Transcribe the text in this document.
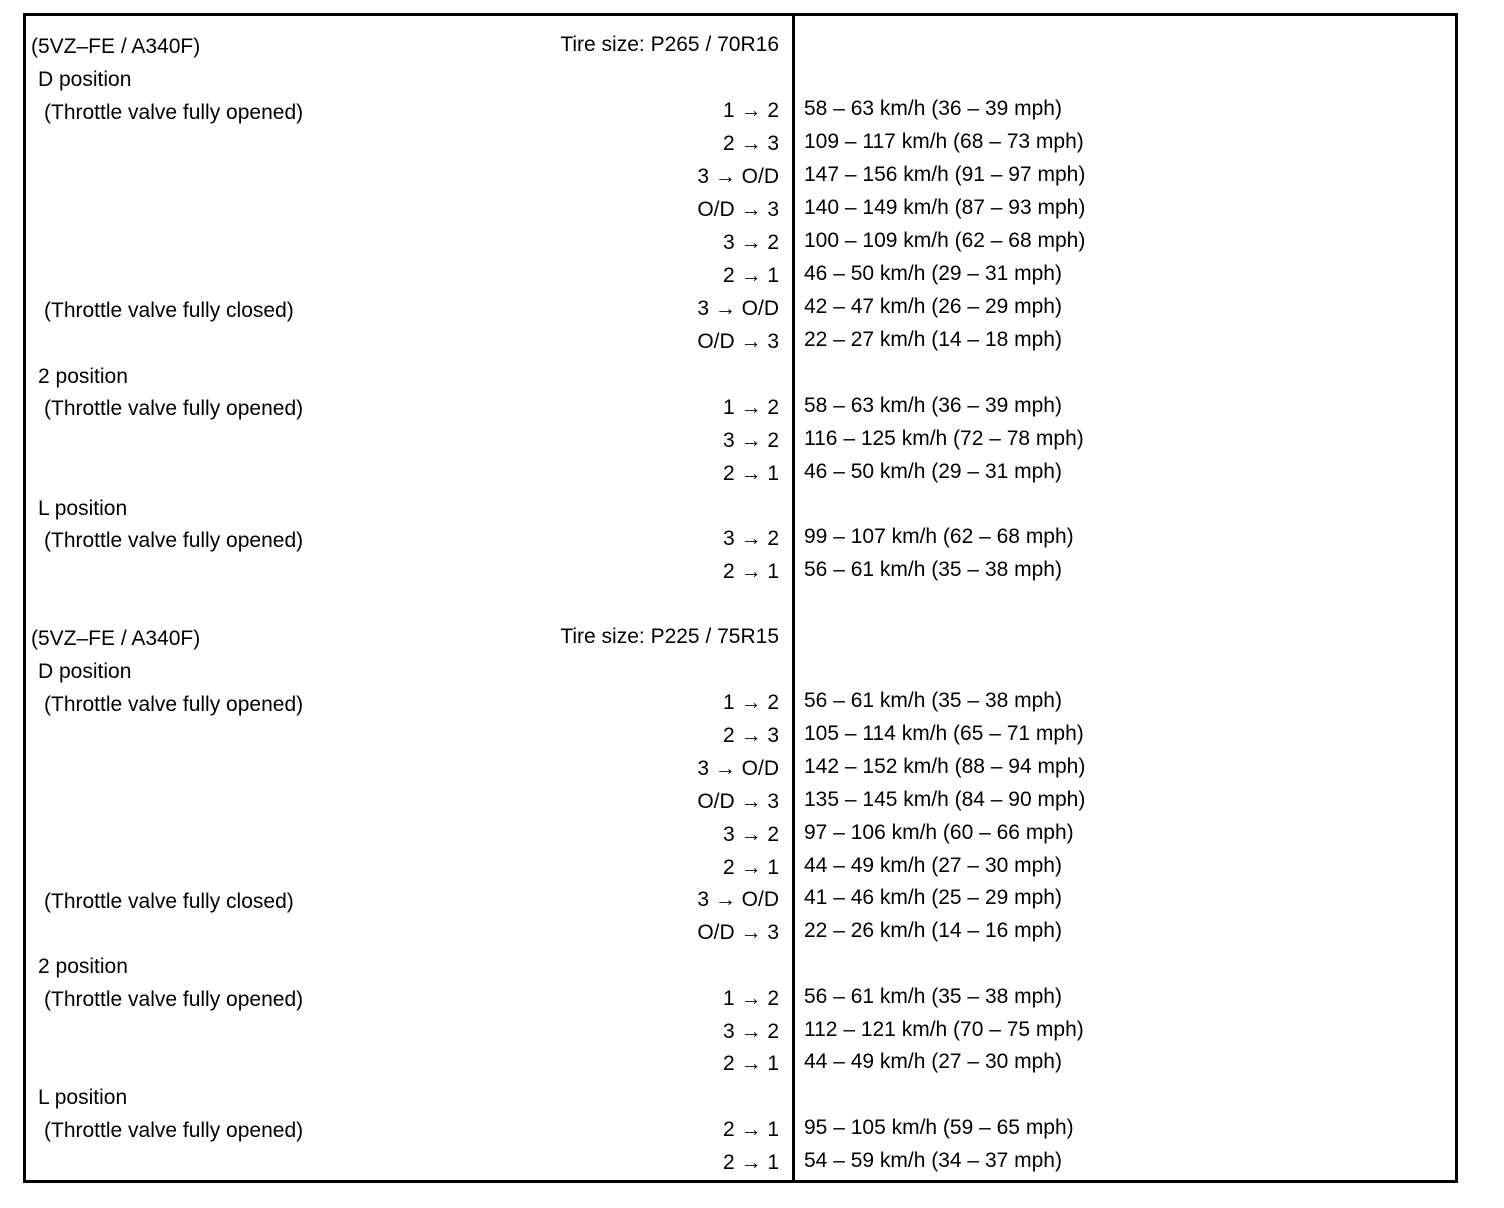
(5VZ–FE / A340F)	Tire size: P265 / 70R16
D position
(Throttle valve fully opened)	1 → 2 58 – 63 km/h (36 – 39 mph)
2 → 3 109 – 117 km/h (68 – 73 mph)
3 → O/D 147 – 156 km/h (91 – 97 mph)
O/D → 3 140 – 149 km/h (87 – 93 mph)
3 → 2 100 – 109 km/h (62 – 68 mph)
2 → 1 46 – 50 km/h (29 – 31 mph)
(Throttle valve fully closed)	3 → O/D 42 – 47 km/h (26 – 29 mph)
O/D → 3 22 – 27 km/h (14 – 18 mph)
2 position
(Throttle valve fully opened)	1 → 2 58 – 63 km/h (36 – 39 mph)
3 → 2 116 – 125 km/h (72 – 78 mph)
2 → 1 46 – 50 km/h (29 – 31 mph)
L position
(Throttle valve fully opened)	3 → 2 99 – 107 km/h (62 – 68 mph)
2 → 1 56 – 61 km/h (35 – 38 mph)
(5VZ–FE / A340F)	Tire size: P225 / 75R15
D position
(Throttle valve fully opened)	1 → 2 56 – 61 km/h (35 – 38 mph)
2 → 3 105 – 114 km/h (65 – 71 mph)
3 → O/D 142 – 152 km/h (88 – 94 mph)
O/D → 3 135 – 145 km/h (84 – 90 mph)
3 → 2 97 – 106 km/h (60 – 66 mph)
2 → 1 44 – 49 km/h (27 – 30 mph)
(Throttle valve fully closed)	3 → O/D 41 – 46 km/h (25 – 29 mph)
O/D → 3 22 – 26 km/h (14 – 16 mph)
2 position
(Throttle valve fully opened)	1 → 2 56 – 61 km/h (35 – 38 mph)
3 → 2 112 – 121 km/h (70 – 75 mph)
2 → 1 44 – 49 km/h (27 – 30 mph)
L position
(Throttle valve fully opened)	2 → 1 95 – 105 km/h (59 – 65 mph)
2 → 1 54 – 59 km/h (34 – 37 mph)
